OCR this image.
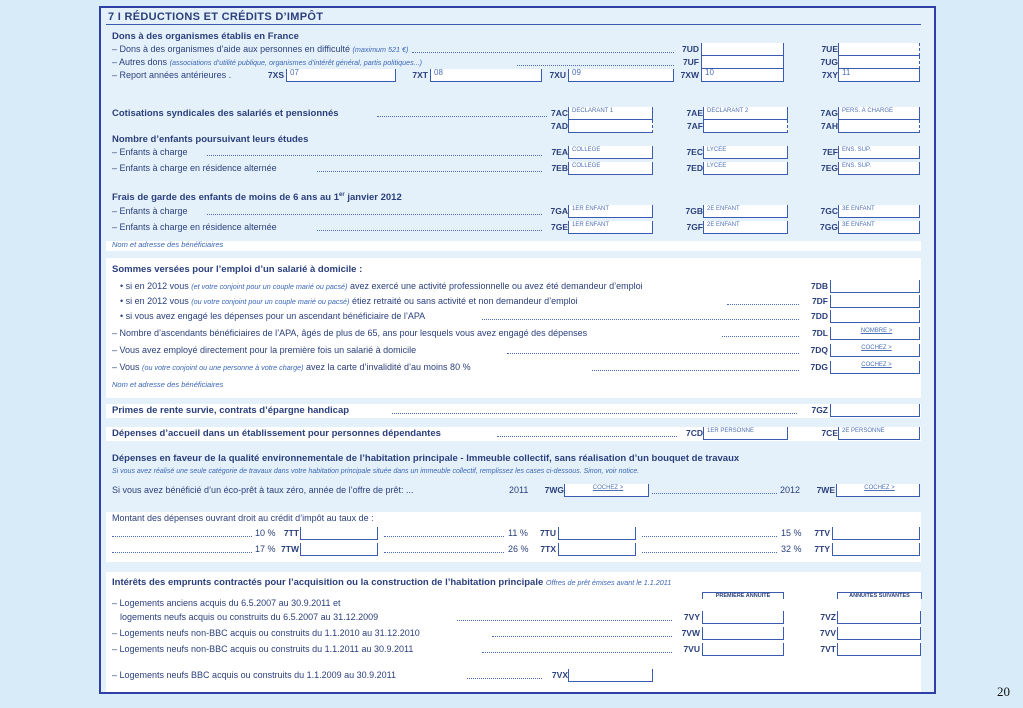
7 I RÉDUCTIONS ET CRÉDITS D’IMPÔT
Dons à des organismes établis en France
– Dons à des organismes d’aide aux personnes en difficulté (maximum 521 €)	7UD	7UE
– Autres dons (associations d’utilité publique, organismes d’intérêt général, partis politiques...)	7UF	7UG
– Report années antérieures .	7XS 07	7XT 08	7XU 09	7XW 10	7XY 11
Cotisations syndicales des salariés et pensionnés	7AC DÉCLARANT 1	7AE DÉCLARANT 2	7AG PERS. À CHARGE
7AD	7AF	7AH
Nombre d’enfants poursuivant leurs études
– Enfants à charge	7EA COLLÈGE	7EC LYCÉE	7EF ENS. SUP.
– Enfants à charge en résidence alternée	7EB COLLÈGE	7ED LYCÉE	7EG ENS. SUP.
Frais de garde des enfants de moins de 6 ans au 1er janvier 2012
– Enfants à charge	7GA 1ER ENFANT	7GB 2E ENFANT	7GC 3E ENFANT
– Enfants à charge en résidence alternée	7GE 1ER ENFANT	7GF 2E ENFANT	7GG 3E ENFANT
Nom et adresse des bénéficiaires
Sommes versées pour l’emploi d’un salarié à domicile :
• si en 2012 vous (et votre conjoint pour un couple marié ou pacsé) avez exercé une activité professionnelle ou avez été demandeur d’emploi	7DB
• si en 2012 vous (ou votre conjoint pour un couple marié ou pacsé) étiez retraité ou sans activité et non demandeur d’emploi	7DF
• si vous avez engagé les dépenses pour un ascendant bénéficiaire de l’APA	7DD
– Nombre d’ascendants bénéficiaires de l’APA, âgés de plus de 65, ans pour lesquels vous avez engagé des dépenses	7DL	NOMBRE >
– Vous avez employé directement pour la première fois un salarié à domicile	7DQ	COCHEZ >
– Vous (ou votre conjoint ou une personne à votre charge) avez la carte d’invalidité d’au moins 80 %	7DG	COCHEZ >
Nom et adresse des bénéficiaires
Primes de rente survie, contrats d’épargne handicap	7GZ
Dépenses d’accueil dans un établissement pour personnes dépendantes	7CD 1ER PERSONNE	7CE 2E PERSONNE
Dépenses en faveur de la qualité environnementale de l’habitation principale - Immeuble collectif, sans réalisation d’un bouquet de travaux
Si vous avez réalisé une seule catégorie de travaux dans votre habitation principale située dans un immeuble collectif, remplissez les cases ci-dessous. Sinon, voir notice.
Si vous avez bénéficié d’un éco-prêt à taux zéro, année de l’offre de prêt: ...	2011	7WG	COCHEZ >	2012	7WE	COCHEZ >
Montant des dépenses ouvrant droit au crédit d’impôt au taux de :
10 % 7TT	11 %	7TU	15 %	7TV
17 % 7TW	26 %	7TX	32 %	7TY
Intérêts des emprunts contractés pour l’acquisition ou la construction de l’habitation principale Offres de prêt émises avant le 1.1.2011
PREMIÈRE ANNUITÉ	ANNUITÉS SUIVANTES
– Logements anciens acquis du 6.5.2007 au 30.9.2011 et
logements neufs acquis ou construits du 6.5.2007 au 31.12.2009	7VY	7VZ
– Logements neufs non-BBC acquis ou construits du 1.1.2010 au 31.12.2010	7VW	7VV
– Logements neufs non-BBC acquis ou construits du 1.1.2011 au 30.9.2011	7VU	7VT
– Logements neufs BBC acquis ou construits du 1.1.2009 au 30.9.2011	7VX
20
